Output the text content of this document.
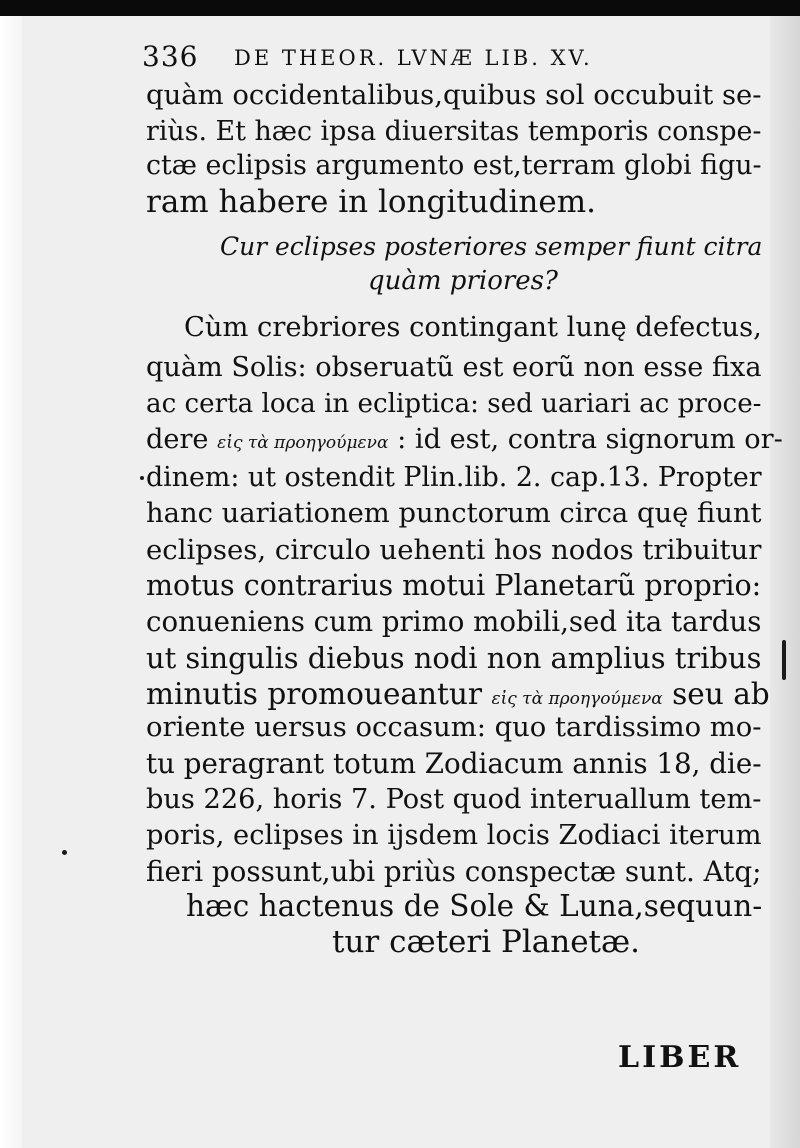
336 DE THEOR. LVNÆ LIB. XV.
quàm occidentalibus,quibus sol occubuit se-
riùs. Et hæc ipsa diuersitas temporis conspe-
ctæ eclipsis argumento est,terram globi figu-
ram habere in longitudinem.
Cur eclipses posteriores semper fiunt citra
quàm priores?
Cùm crebriores contingant lunę defectus,
quàm Solis: obseruatũ est eorũ non esse fixa
ac certa loca in ecliptica: sed uariari ac proce-
dere εἰς τὰ προηγούμενα : id est, contra signorum or-
dinem: ut ostendit Plin.lib. 2. cap.13. Propter
hanc uariationem punctorum circa quę fiunt
eclipses, circulo uehenti hos nodos tribuitur
motus contrarius motui Planetarũ proprio:
conueniens cum primo mobili,sed ita tardus
ut singulis diebus nodi non amplius tribus
minutis promoueantur εἰς τὰ προηγούμενα seu ab
oriente uersus occasum: quo tardissimo mo-
tu peragrant totum Zodiacum annis 18, die-
bus 226, horis 7. Post quod interuallum tem-
poris, eclipses in ijsdem locis Zodiaci iterum
fieri possunt,ubi priùs conspectæ sunt. Atq;
hæc hactenus de Sole & Luna,sequun-
tur cæteri Planetæ.
LIBER
